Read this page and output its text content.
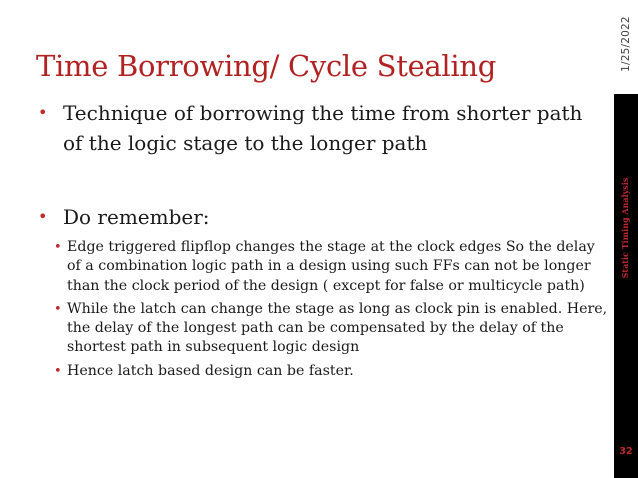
1/25/2022
Static Timing Analysis
32
Time Borrowing/ Cycle Stealing
• Technique of borrowing the time from shorter path of the logic stage to the longer path
• Do remember:
• Edge triggered flipflop changes the stage at the clock edges So the delay of a combination logic path in a design using such FFs can not be longer than the clock period of the design ( except for false or multicycle path)
• While the latch can change the stage as long as clock pin is enabled. Here, the delay of the longest path can be compensated by the delay of the shortest path in subsequent logic design
• Hence latch based design can be faster.
